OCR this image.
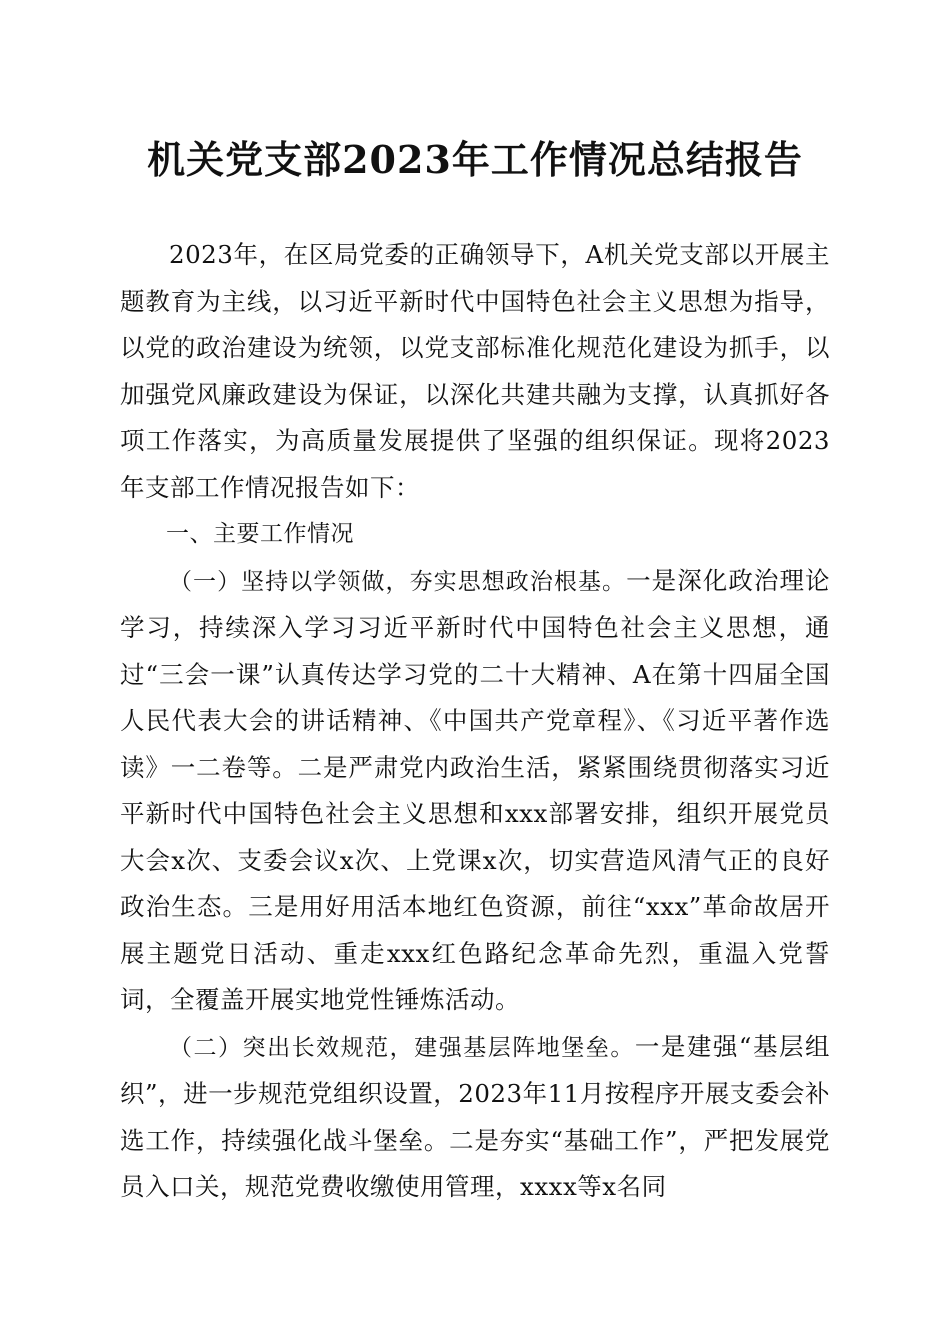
机关党支部2023年工作情况总结报告

2023年，在区局党委的正确领导下，A机关党支部以开展主题教育为主线，以习近平新时代中国特色社会主义思想为指导，以党的政治建设为统领，以党支部标准化规范化建设为抓手，以加强党风廉政建设为保证，以深化共建共融为支撑，认真抓好各项工作落实，为高质量发展提供了坚强的组织保证。现将2023年支部工作情况报告如下：

一、主要工作情况

（一）坚持以学领做，夯实思想政治根基。一是深化政治理论学习，持续深入学习习近平新时代中国特色社会主义思想，通过“三会一课”认真传达学习党的二十大精神、A在第十四届全国人民代表大会的讲话精神、《中国共产党章程》、《习近平著作选读》一二卷等。二是严肃党内政治生活，紧紧围绕贯彻落实习近平新时代中国特色社会主义思想和xxx部署安排，组织开展党员大会x次、支委会议x次、上党课x次，切实营造风清气正的良好政治生态。三是用好用活本地红色资源，前往“xxx”革命故居开展主题党日活动、重走xxx红色路纪念革命先烈，重温入党誓词，全覆盖开展实地党性锤炼活动。

（二）突出长效规范，建强基层阵地堡垒。一是建强“基层组织”，进一步规范党组织设置，2023年11月按程序开展支委会补选工作，持续强化战斗堡垒。二是夯实“基础工作”，严把发展党员入口关，规范党费收缴使用管理，xxxx等x名同
